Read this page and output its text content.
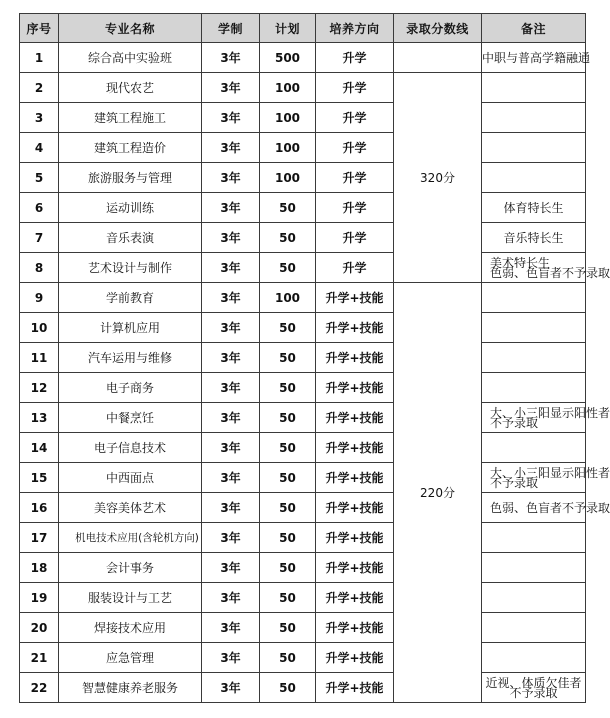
序号	专业名称	学制	计划	培养方向	录取分数线	备注
1	综合高中实验班	3年	500	升学		中职与普高学籍融通
2	现代农艺	3年	100	升学	320分	
3	建筑工程施工	3年	100	升学		
4	建筑工程造价	3年	100	升学		
5	旅游服务与管理	3年	100	升学		
6	运动训练	3年	50	升学		体育特长生
7	音乐表演	3年	50	升学		音乐特长生
8	艺术设计与制作	3年	50	升学		美术特长生
色弱、色盲者不予录取

9	学前教育	3年	100	升学+技能	220分	
10	计算机应用	3年	50	升学+技能		
11	汽车运用与维修	3年	50	升学+技能		
12	电子商务	3年	50	升学+技能		
13	中餐烹饪	3年	50	升学+技能		大、小三阳显示阳性者
不予录取

14	电子信息技术	3年	50	升学+技能		
15	中西面点	3年	50	升学+技能		大、小三阳显示阳性者
不予录取

16	美容美体艺术	3年	50	升学+技能		色弱、色盲者不予录取
17	机电技术应用(含轮机方向)	3年	50	升学+技能		
18	会计事务	3年	50	升学+技能		
19	服装设计与工艺	3年	50	升学+技能		
20	焊接技术应用	3年	50	升学+技能		
21	应急管理	3年	50	升学+技能		
22	智慧健康养老服务	3年	50	升学+技能		近视、体质欠佳者
不予录取
